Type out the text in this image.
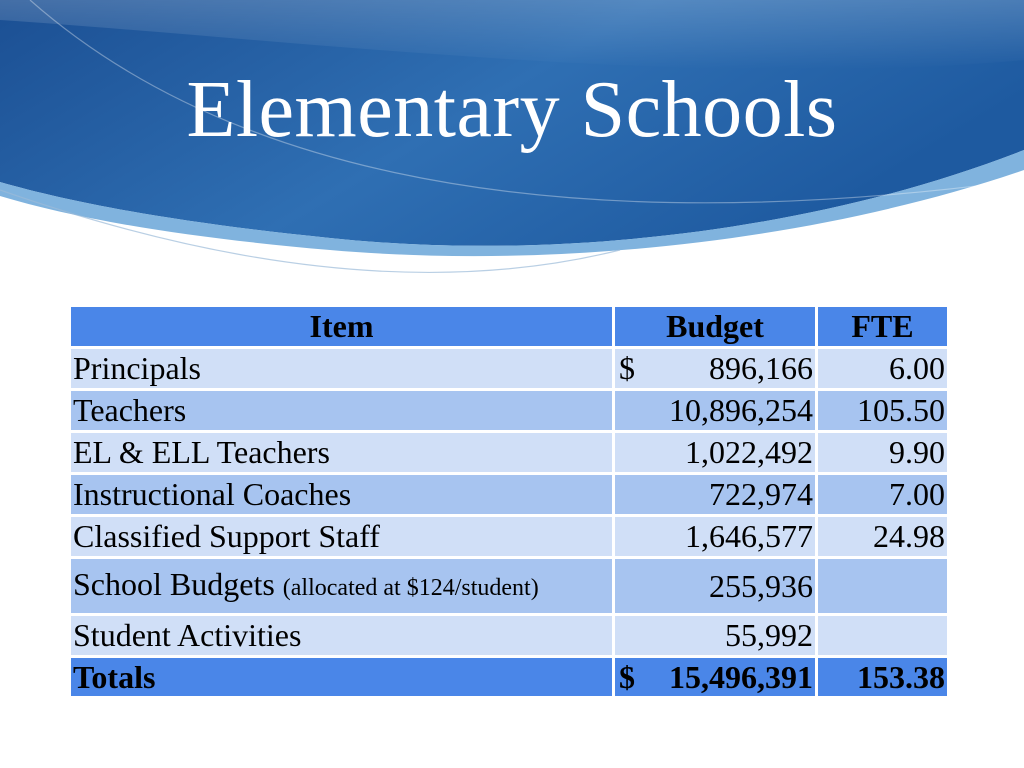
Elementary Schools
Item	Budget	FTE
Principals	$ 896,166	6.00
Teachers	10,896,254	105.50
EL & ELL Teachers	1,022,492	9.90
Instructional Coaches	722,974	7.00
Classified Support Staff	1,646,577	24.98
School Budgets (allocated at $124/student)	255,936	
Student Activities	55,992	
Totals	$ 15,496,391	153.38
